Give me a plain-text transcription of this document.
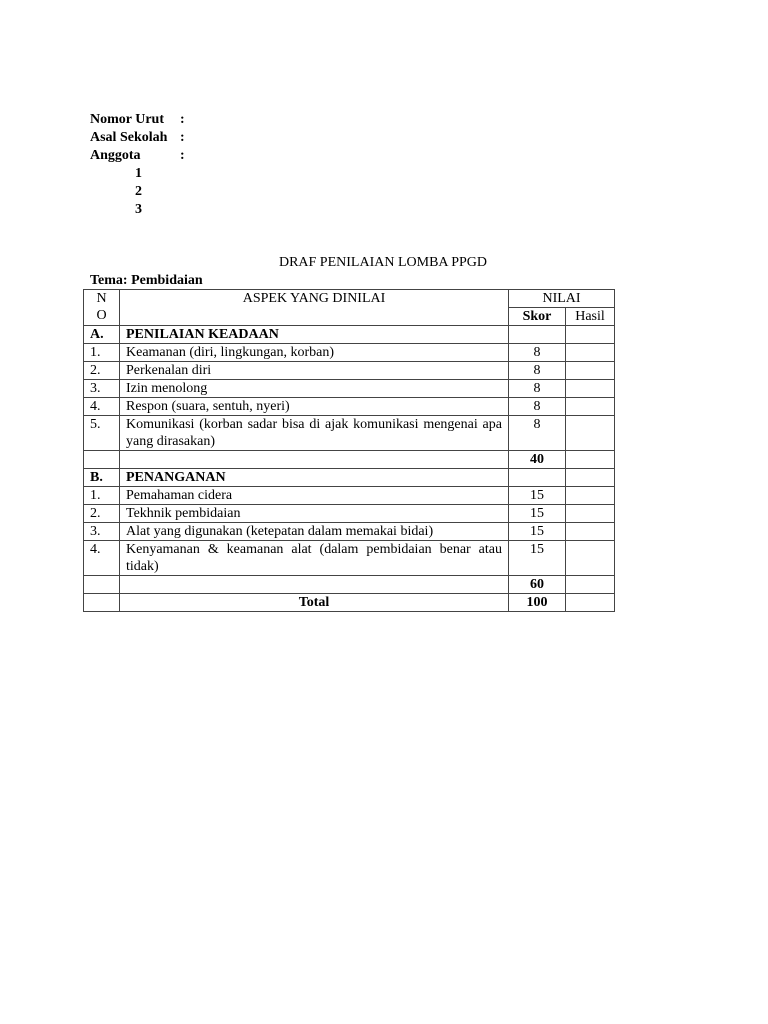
Nomor Urut	:
Asal Sekolah :
Anggota	:
1
2
3
DRAF PENILAIAN LOMBA PPGD
Tema: Pembidaian
N
O	ASPEK YANG DINILAI	NILAI	
		Skor	Hasil
A.	PENILAIAN KEADAAN		
1.	Keamanan (diri, lingkungan, korban)	8	
2.	Perkenalan diri	8	
3.	Izin menolong	8	
4.	Respon (suara, sentuh, nyeri)	8	
5.	Komunikasi (korban sadar bisa di ajak komunikasi mengenai apa yang dirasakan)	8	
		40	
B.	PENANGANAN		
1.	Pemahaman cidera	15	
2.	Tekhnik pembidaian	15	
3.	Alat yang digunakan (ketepatan dalam memakai bidai)	15	
4.	Kenyamanan & keamanan alat (dalam pembidaian benar atau tidak)	15	
		60	
	Total	100	
